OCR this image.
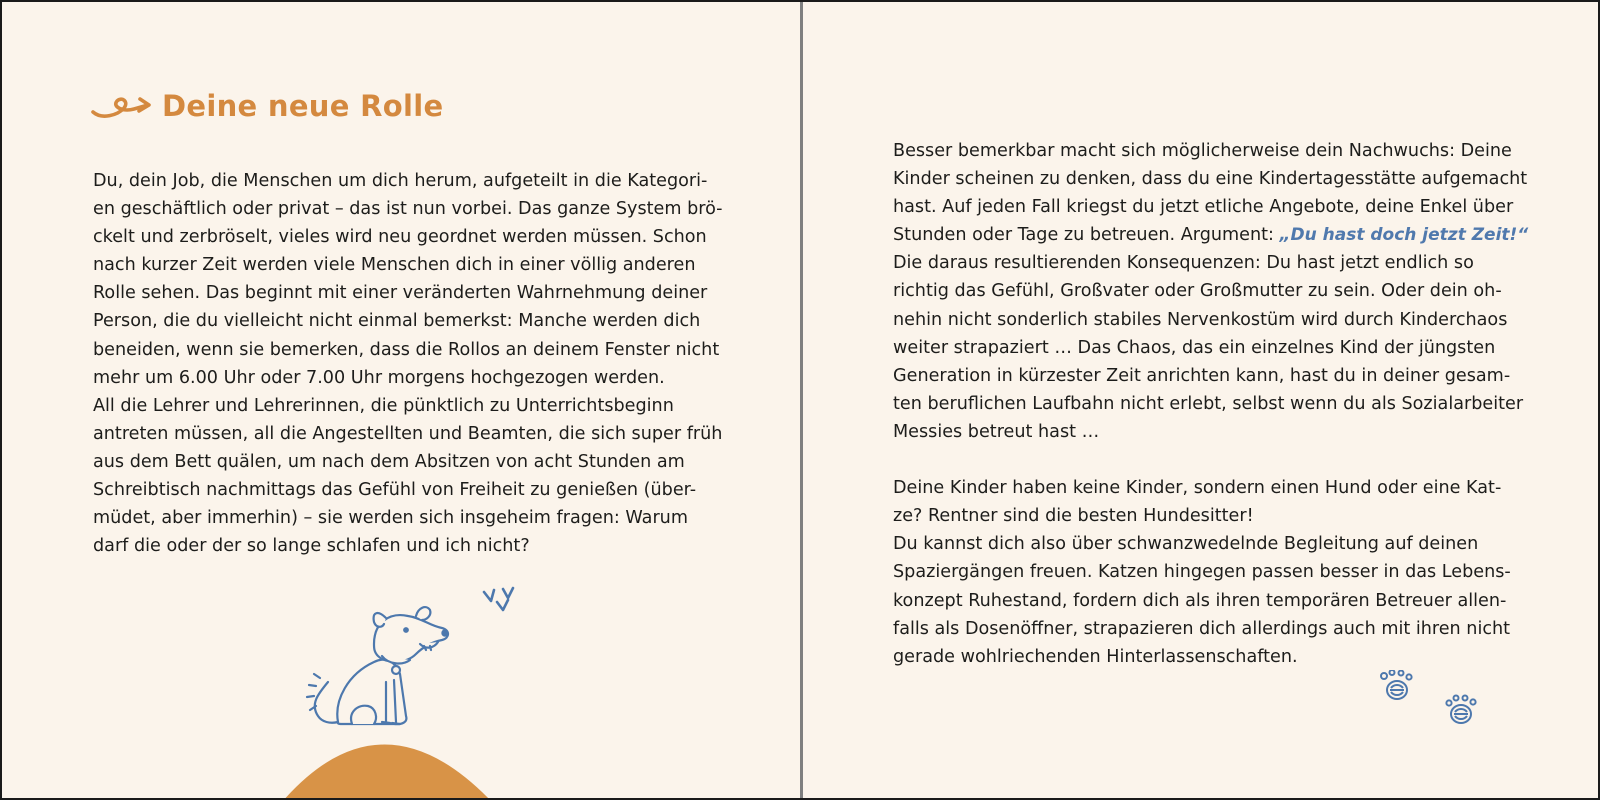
Deine neue Rolle
Du, dein Job, die Menschen um dich herum, aufgeteilt in die Kategori-
en geschäftlich oder privat – das ist nun vorbei. Das ganze System brö-
ckelt und zerbröselt, vieles wird neu geordnet werden müssen. Schon
nach kurzer Zeit werden viele Menschen dich in einer völlig anderen
Rolle sehen. Das beginnt mit einer veränderten Wahrnehmung deiner
Person, die du vielleicht nicht einmal bemerkst: Manche werden dich
beneiden, wenn sie bemerken, dass die Rollos an deinem Fenster nicht
mehr um 6.00 Uhr oder 7.00 Uhr morgens hochgezogen werden.
All die Lehrer und Lehrerinnen, die pünktlich zu Unterrichtsbeginn
antreten müssen, all die Angestellten und Beamten, die sich super früh
aus dem Bett quälen, um nach dem Absitzen von acht Stunden am
Schreibtisch nachmittags das Gefühl von Freiheit zu genießen (über-
müdet, aber immerhin) – sie werden sich insgeheim fragen: Warum
darf die oder der so lange schlafen und ich nicht?
Besser bemerkbar macht sich möglicherweise dein Nachwuchs: Deine
Kinder scheinen zu denken, dass du eine Kindertagesstätte aufgemacht
hast. Auf jeden Fall kriegst du jetzt etliche Angebote, deine Enkel über
Stunden oder Tage zu betreuen. Argument: „Du hast doch jetzt Zeit!“
Die daraus resultierenden Konsequenzen: Du hast jetzt endlich so
richtig das Gefühl, Großvater oder Großmutter zu sein. Oder dein oh-
nehin nicht sonderlich stabiles Nervenkostüm wird durch Kinderchaos
weiter strapaziert … Das Chaos, das ein einzelnes Kind der jüngsten
Generation in kürzester Zeit anrichten kann, hast du in deiner gesam-
ten beruflichen Laufbahn nicht erlebt, selbst wenn du als Sozialarbeiter
Messies betreut hast …
Deine Kinder haben keine Kinder, sondern einen Hund oder eine Kat-
ze? Rentner sind die besten Hundesitter!
Du kannst dich also über schwanzwedelnde Begleitung auf deinen
Spaziergängen freuen. Katzen hingegen passen besser in das Lebens-
konzept Ruhestand, fordern dich als ihren temporären Betreuer allen-
falls als Dosenöffner, strapazieren dich allerdings auch mit ihren nicht
gerade wohlriechenden Hinterlassenschaften.
